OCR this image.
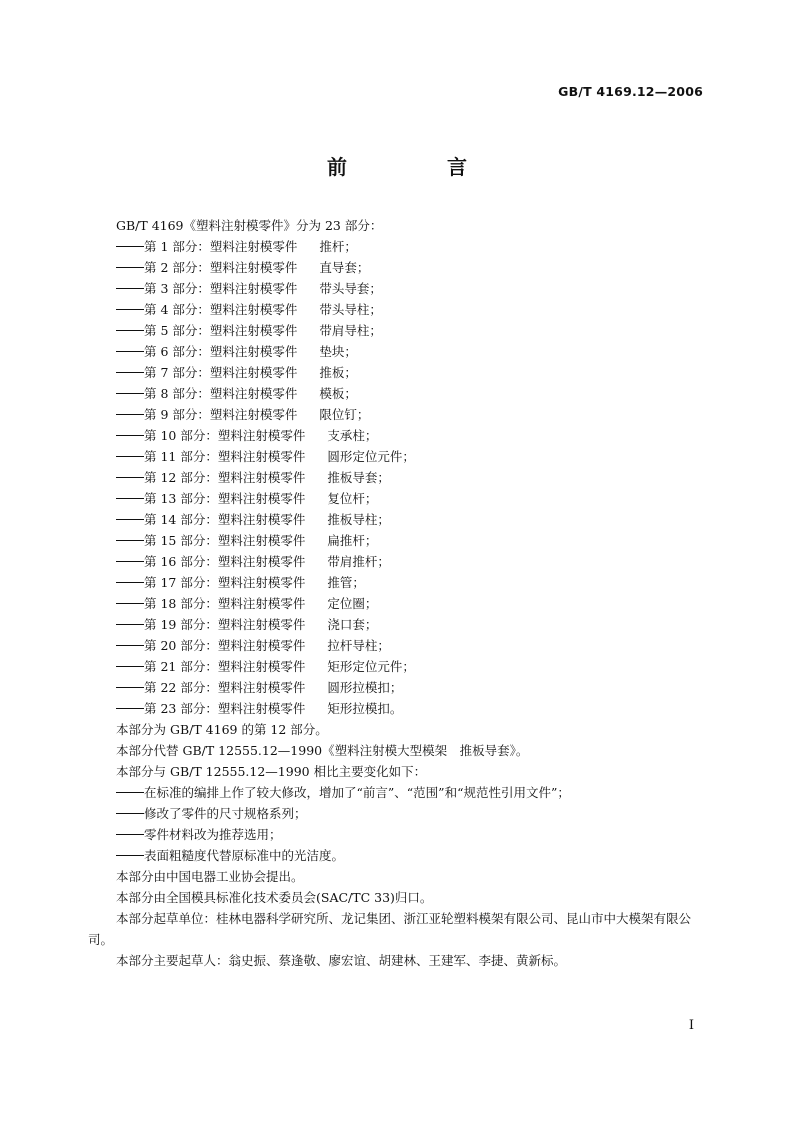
GB/T 4169.12—2006
前　言

GB/T 4169《塑料注射模零件》分为 23 部分：

第 1 部分：塑料注射模零件 推杆；

第 2 部分：塑料注射模零件 直导套；

第 3 部分：塑料注射模零件 带头导套；

第 4 部分：塑料注射模零件 带头导柱；

第 5 部分：塑料注射模零件 带肩导柱；

第 6 部分：塑料注射模零件 垫块；

第 7 部分：塑料注射模零件 推板；

第 8 部分：塑料注射模零件 模板；

第 9 部分：塑料注射模零件 限位钉；

第 10 部分：塑料注射模零件 支承柱；

第 11 部分：塑料注射模零件 圆形定位元件；

第 12 部分：塑料注射模零件 推板导套；

第 13 部分：塑料注射模零件 复位杆；

第 14 部分：塑料注射模零件 推板导柱；

第 15 部分：塑料注射模零件 扁推杆；

第 16 部分：塑料注射模零件 带肩推杆；

第 17 部分：塑料注射模零件 推管；

第 18 部分：塑料注射模零件 定位圈；

第 19 部分：塑料注射模零件 浇口套；

第 20 部分：塑料注射模零件 拉杆导柱；

第 21 部分：塑料注射模零件 矩形定位元件；

第 22 部分：塑料注射模零件 圆形拉模扣；

第 23 部分：塑料注射模零件 矩形拉模扣。

本部分为 GB/T 4169 的第 12 部分。

本部分代替 GB/T 12555.12—1990《塑料注射模大型模架　推板导套》。

本部分与 GB/T 12555.12—1990 相比主要变化如下：

在标准的编排上作了较大修改，增加了“前言”、“范围”和“规范性引用文件”；

修改了零件的尺寸规格系列；

零件材料改为推荐选用；

表面粗糙度代替原标准中的光洁度。

本部分由中国电器工业协会提出。

本部分由全国模具标准化技术委员会(SAC/TC 33)归口。

本部分起草单位：桂林电器科学研究所、龙记集团、浙江亚轮塑料模架有限公司、昆山市中大模架有限公司。

本部分主要起草人：翁史振、蔡逢敬、廖宏谊、胡建林、王建军、李捷、黄新标。

I
